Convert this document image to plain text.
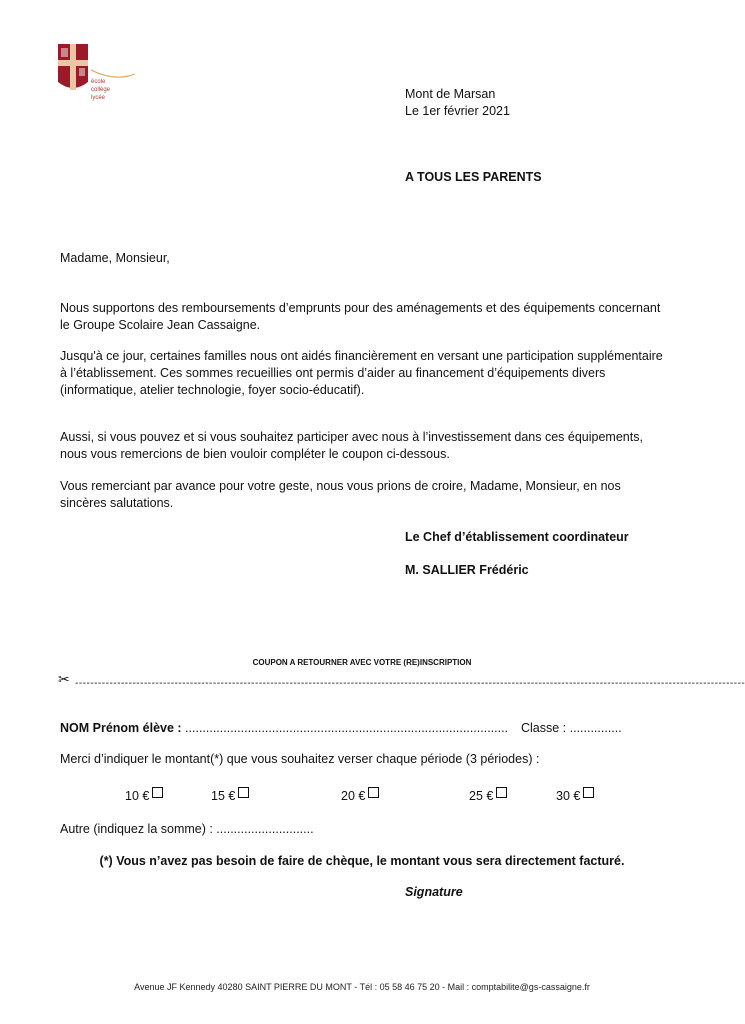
école
collège
lycée	Mont de Marsan
Le 1er février 2021
A TOUS LES PARENTS
Madame, Monsieur,
Nous supportons des remboursements d’emprunts pour des aménagements et des équipements concernant le Groupe Scolaire Jean Cassaigne.
Jusqu'à ce jour, certaines familles nous ont aidés financièrement en versant une participation supplémentaire à l’établissement. Ces sommes recueillies ont permis d’aider au financement d’équipements divers (informatique, atelier technologie, foyer socio-éducatif).
Aussi, si vous pouvez et si vous souhaitez participer avec nous à l’investissement dans ces équipements, nous vous remercions de bien vouloir compléter le coupon ci-dessous.
Vous remerciant par avance pour votre geste, nous vous prions de croire, Madame, Monsieur, en nos sincères salutations.
Le Chef d’établissement coordinateur
M. SALLIER Frédéric
COUPON A RETOURNER AVEC VOTRE (RE)INSCRIPTION
✂ -------------------------------------------------------------------------------------------------------------------------------------------------------------------------------
NOM Prénom élève : ............................................................................................. Classe : ...............
Merci d’indiquer le montant(*) que vous souhaitez verser chaque période (3 périodes) :
10 €	15 €	20 €	25 €	30 €
Autre (indiquez la somme) : ............................
(*) Vous n’avez pas besoin de faire de chèque, le montant vous sera directement facturé.
Signature
Avenue JF Kennedy 40280 SAINT PIERRE DU MONT - Tél : 05 58 46 75 20 - Mail : comptabilite@gs-cassaigne.fr
